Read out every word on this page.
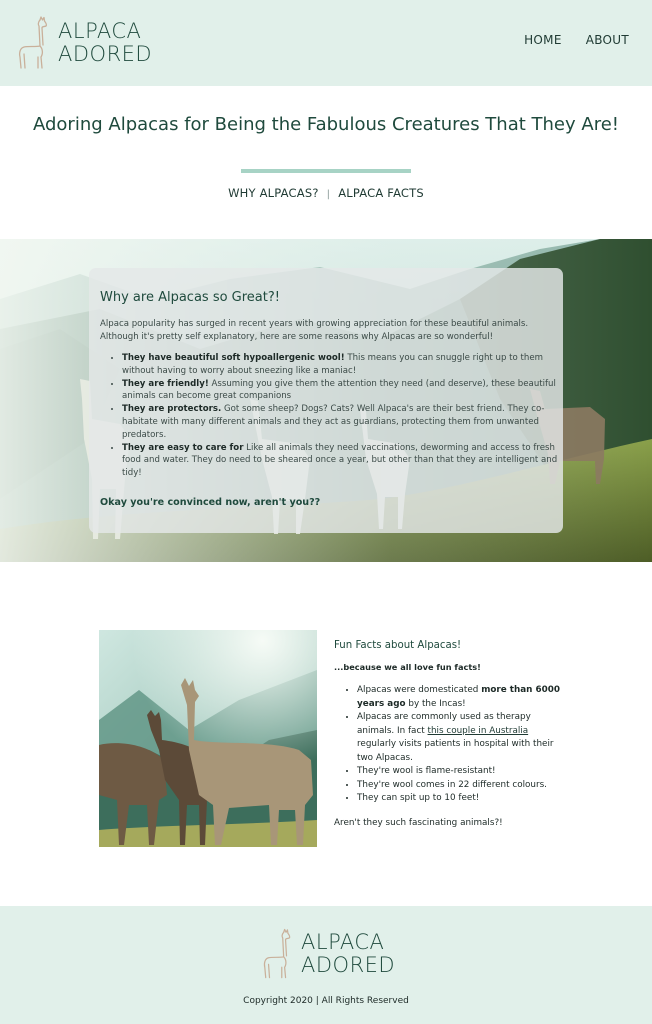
ALPACA
ADORED
HOME ABOUT
Adoring Alpacas for Being the Fabulous Creatures That They Are!
WHY ALPACAS? | ALPACA FACTS
Why are Alpacas so Great?!

Alpaca popularity has surged in recent years with growing appreciation for these beautiful animals. Although it's pretty self explanatory, here are some reasons why Alpacas are so wonderful!

• They have beautiful soft hypoallergenic wool! This means you can snuggle right up to them without having to worry about sneezing like a maniac!
• They are friendly! Assuming you give them the attention they need (and deserve), these beautiful animals can become great companions
• They are protectors. Got some sheep? Dogs? Cats? Well Alpaca's are their best friend. They co-habitate with many different animals and they act as guardians, protecting them from unwanted predators.
• They are easy to care for Like all animals they need vaccinations, deworming and access to fresh food and water. They do need to be sheared once a year, but other than that they are intelligent and tidy!

Okay you're convinced now, aren't you??

Fun Facts about Alpacas!

...because we all love fun facts!

• Alpacas were domesticated more than 6000 years ago by the Incas!
• Alpacas are commonly used as therapy animals. In fact this couple in Australia regularly visits patients in hospital with their two Alpacas.
• They're wool is flame-resistant!
• They're wool comes in 22 different colours.
• They can spit up to 10 feet!

Aren't they such fascinating animals?!

ALPACA
ADORED
Copyright 2020 | All Rights Reserved
